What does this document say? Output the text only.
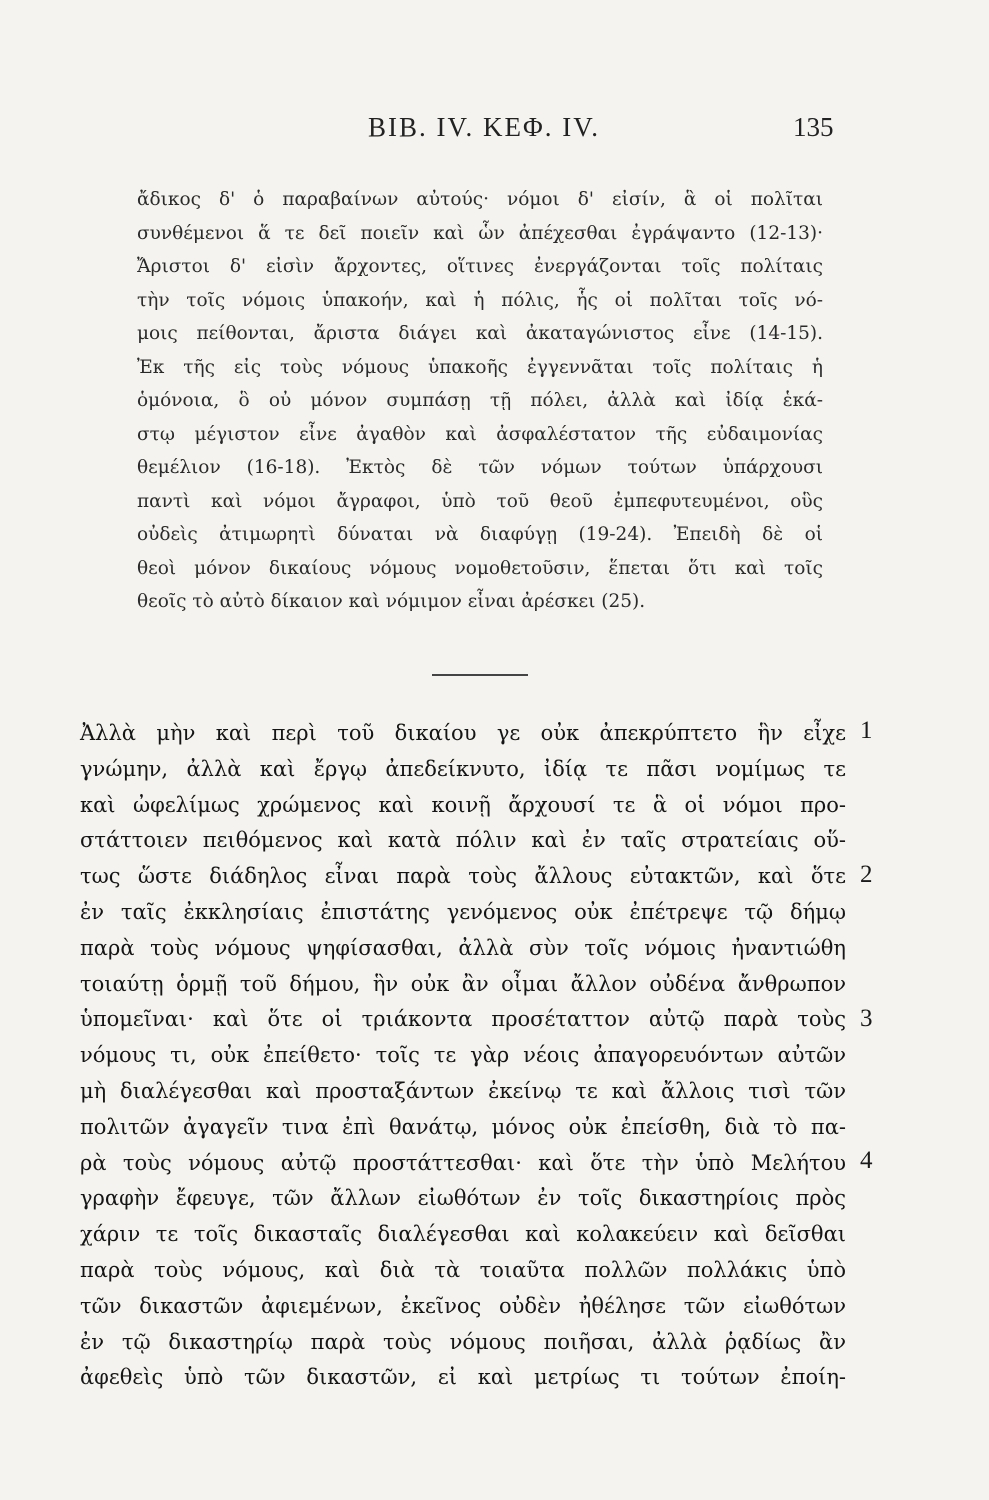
ΒΙΒ. ΙV. ΚΕΦ. ΙV.	135
ἄδικος δ' ὁ παραβαίνων αὐτούς· νόμοι δ' εἰσίν, ἃ οἱ πολῖται
συνθέμενοι ἅ τε δεῖ ποιεῖν καὶ ὧν ἀπέχεσθαι ἐγράψαντο (12-13)·
Ἄριστοι δ' εἰσὶν ἄρχοντες, οἵτινες ἐνεργάζονται τοῖς πολίταις
τὴν τοῖς νόμοις ὑπακοήν, καὶ ἡ πόλις, ἧς οἱ πολῖται τοῖς νό-
μοις πείθονται, ἄριστα διάγει καὶ ἀκαταγώνιστος εἶνε (14-15).
Ἐκ τῆς εἰς τοὺς νόμους ὑπακοῆς ἐγγεννᾶται τοῖς πολίταις ἡ
ὁμόνοια, ὃ οὐ μόνον συμπάσῃ τῇ πόλει, ἀλλὰ καὶ ἰδίᾳ ἑκά-
στῳ μέγιστον εἶνε ἀγαθὸν καὶ ἀσφαλέστατον τῆς εὐδαιμονίας
θεμέλιον (16-18). Ἐκτὸς δὲ τῶν νόμων τούτων ὑπάρχουσι
παντὶ καὶ νόμοι ἄγραφοι, ὑπὸ τοῦ θεοῦ ἐμπεφυτευμένοι, οὓς
οὐδεὶς ἀτιμωρητὶ δύναται νὰ διαφύγῃ (19-24). Ἐπειδὴ δὲ οἱ
θεοὶ μόνον δικαίους νόμους νομοθετοῦσιν, ἕπεται ὅτι καὶ τοῖς
θεοῖς τὸ αὐτὸ δίκαιον καὶ νόμιμον εἶναι ἀρέσκει (25).
Ἀλλὰ μὴν καὶ περὶ τοῦ δικαίου γε οὐκ ἀπεκρύπτετο ἣν εἶχε
γνώμην, ἀλλὰ καὶ ἔργῳ ἀπεδείκνυτο, ἰδίᾳ τε πᾶσι νομίμως τε
καὶ ὠφελίμως χρώμενος καὶ κοινῇ ἄρχουσί τε ἃ οἱ νόμοι προ-
στάττοιεν πειθόμενος καὶ κατὰ πόλιν καὶ ἐν ταῖς στρατείαις οὕ-
τως ὥστε διάδηλος εἶναι παρὰ τοὺς ἄλλους εὐτακτῶν, καὶ ὅτε
ἐν ταῖς ἐκκλησίαις ἐπιστάτης γενόμενος οὐκ ἐπέτρεψε τῷ δήμῳ
παρὰ τοὺς νόμους ψηφίσασθαι, ἀλλὰ σὺν τοῖς νόμοις ἠναντιώθη
τοιαύτῃ ὁρμῇ τοῦ δήμου, ἣν οὐκ ἂν οἶμαι ἄλλον οὐδένα ἄνθρωπον
ὑπομεῖναι· καὶ ὅτε οἱ τριάκοντα προσέταττον αὐτῷ παρὰ τοὺς
νόμους τι, οὐκ ἐπείθετο· τοῖς τε γὰρ νέοις ἀπαγορευόντων αὐτῶν
μὴ διαλέγεσθαι καὶ προσταξάντων ἐκείνῳ τε καὶ ἄλλοις τισὶ τῶν
πολιτῶν ἀγαγεῖν τινα ἐπὶ θανάτῳ, μόνος οὐκ ἐπείσθη, διὰ τὸ πα-
ρὰ τοὺς νόμους αὐτῷ προστάττεσθαι· καὶ ὅτε τὴν ὑπὸ Μελήτου
γραφὴν ἔφευγε, τῶν ἄλλων εἰωθότων ἐν τοῖς δικαστηρίοις πρὸς
χάριν τε τοῖς δικασταῖς διαλέγεσθαι καὶ κολακεύειν καὶ δεῖσθαι
παρὰ τοὺς νόμους, καὶ διὰ τὰ τοιαῦτα πολλῶν πολλάκις ὑπὸ
τῶν δικαστῶν ἀφιεμένων, ἐκεῖνος οὐδὲν ἠθέλησε τῶν εἰωθότων
ἐν τῷ δικαστηρίῳ παρὰ τοὺς νόμους ποιῆσαι, ἀλλὰ ῥᾳδίως ἂν
ἀφεθεὶς ὑπὸ τῶν δικαστῶν, εἰ καὶ μετρίως τι τούτων ἐποίη-
1
2
3
4
